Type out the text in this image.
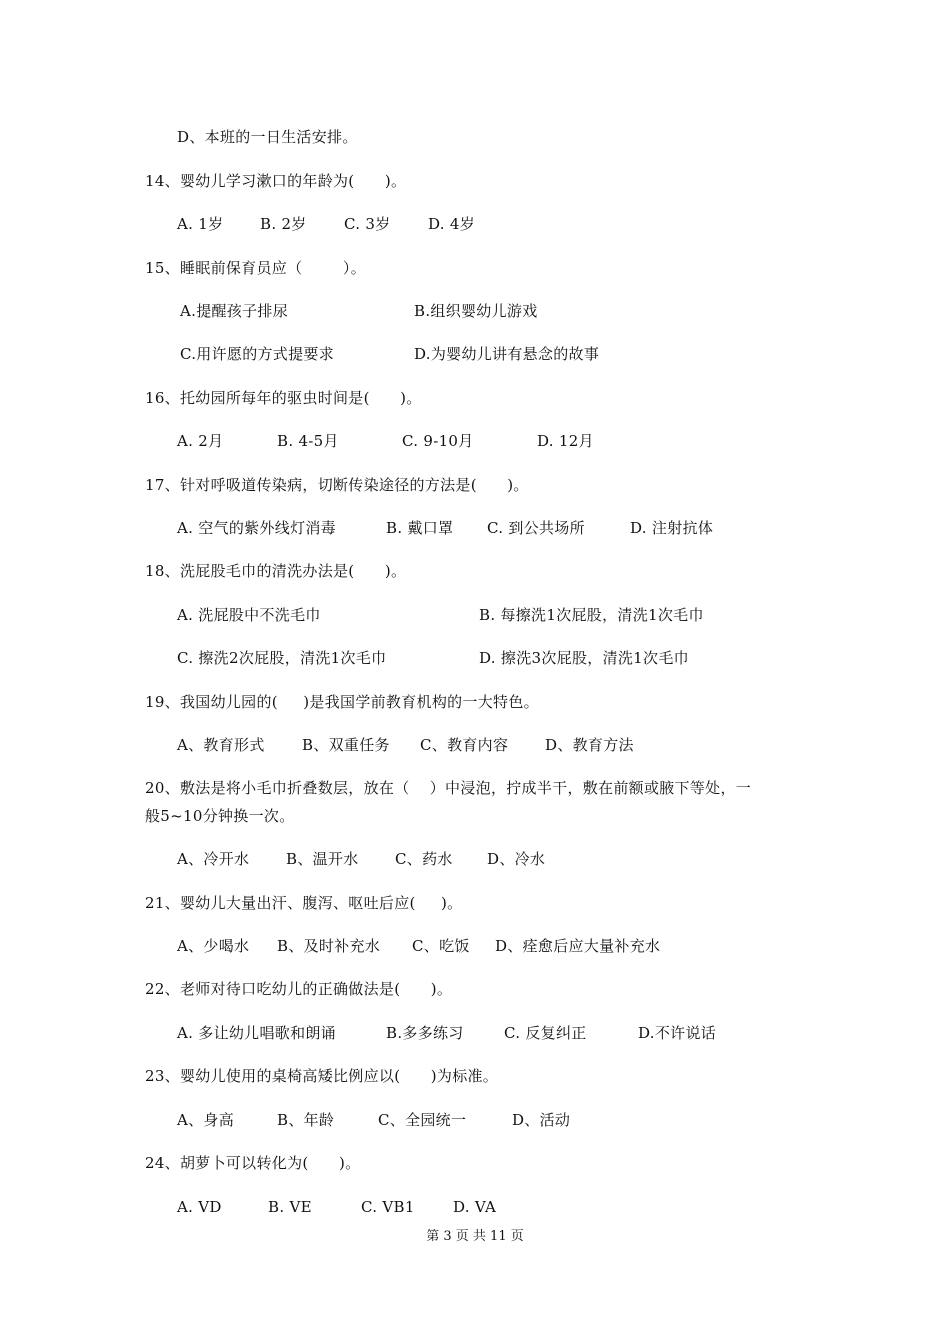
D、本班的一日生活安排。
14、婴幼儿学习漱口的年龄为(      )。
A. 1岁 B. 2岁 C. 3岁 D. 4岁
15、睡眠前保育员应（        ）。
A.提醒孩子排尿	B.组织婴幼儿游戏
C.用许愿的方式提要求	D.为婴幼儿讲有悬念的故事
16、托幼园所每年的驱虫时间是(      )。
A. 2月	B. 4-5月	C. 9-10月	D. 12月
17、针对呼吸道传染病，切断传染途径的方法是(      )。
A. 空气的紫外线灯消毒	B. 戴口罩 C. 到公共场所	D. 注射抗体
18、洗屁股毛巾的清洗办法是(      )。
A. 洗屁股中不洗毛巾	B. 每擦洗1次屁股，清洗1次毛巾
C. 擦洗2次屁股，清洗1次毛巾	D. 擦洗3次屁股，清洗1次毛巾
19、我国幼儿园的(     )是我国学前教育机构的一大特色。
A、教育形式 B、双重任务 C、教育内容 D、教育方法
20、敷法是将小毛巾折叠数层，放在（    ）中浸泡，拧成半干，敷在前额或腋下等处，一
般5~10分钟换一次。
A、冷开水 B、温开水 C、药水 D、冷水
21、婴幼儿大量出汗、腹泻、呕吐后应(     )。
A、少喝水 B、及时补充水 C、吃饭 D、痊愈后应大量补充水
22、老师对待口吃幼儿的正确做法是(      )。
A. 多让幼儿唱歌和朗诵	B.多多练习	C. 反复纠正	D.不许说话
23、婴幼儿使用的桌椅高矮比例应以(      )为标准。
A、身高	B、年龄	C、全园统一	D、活动
24、胡萝卜可以转化为(      )。
A. VD	B. VE	C. VB1	D. VA
第 3 页 共 11 页
